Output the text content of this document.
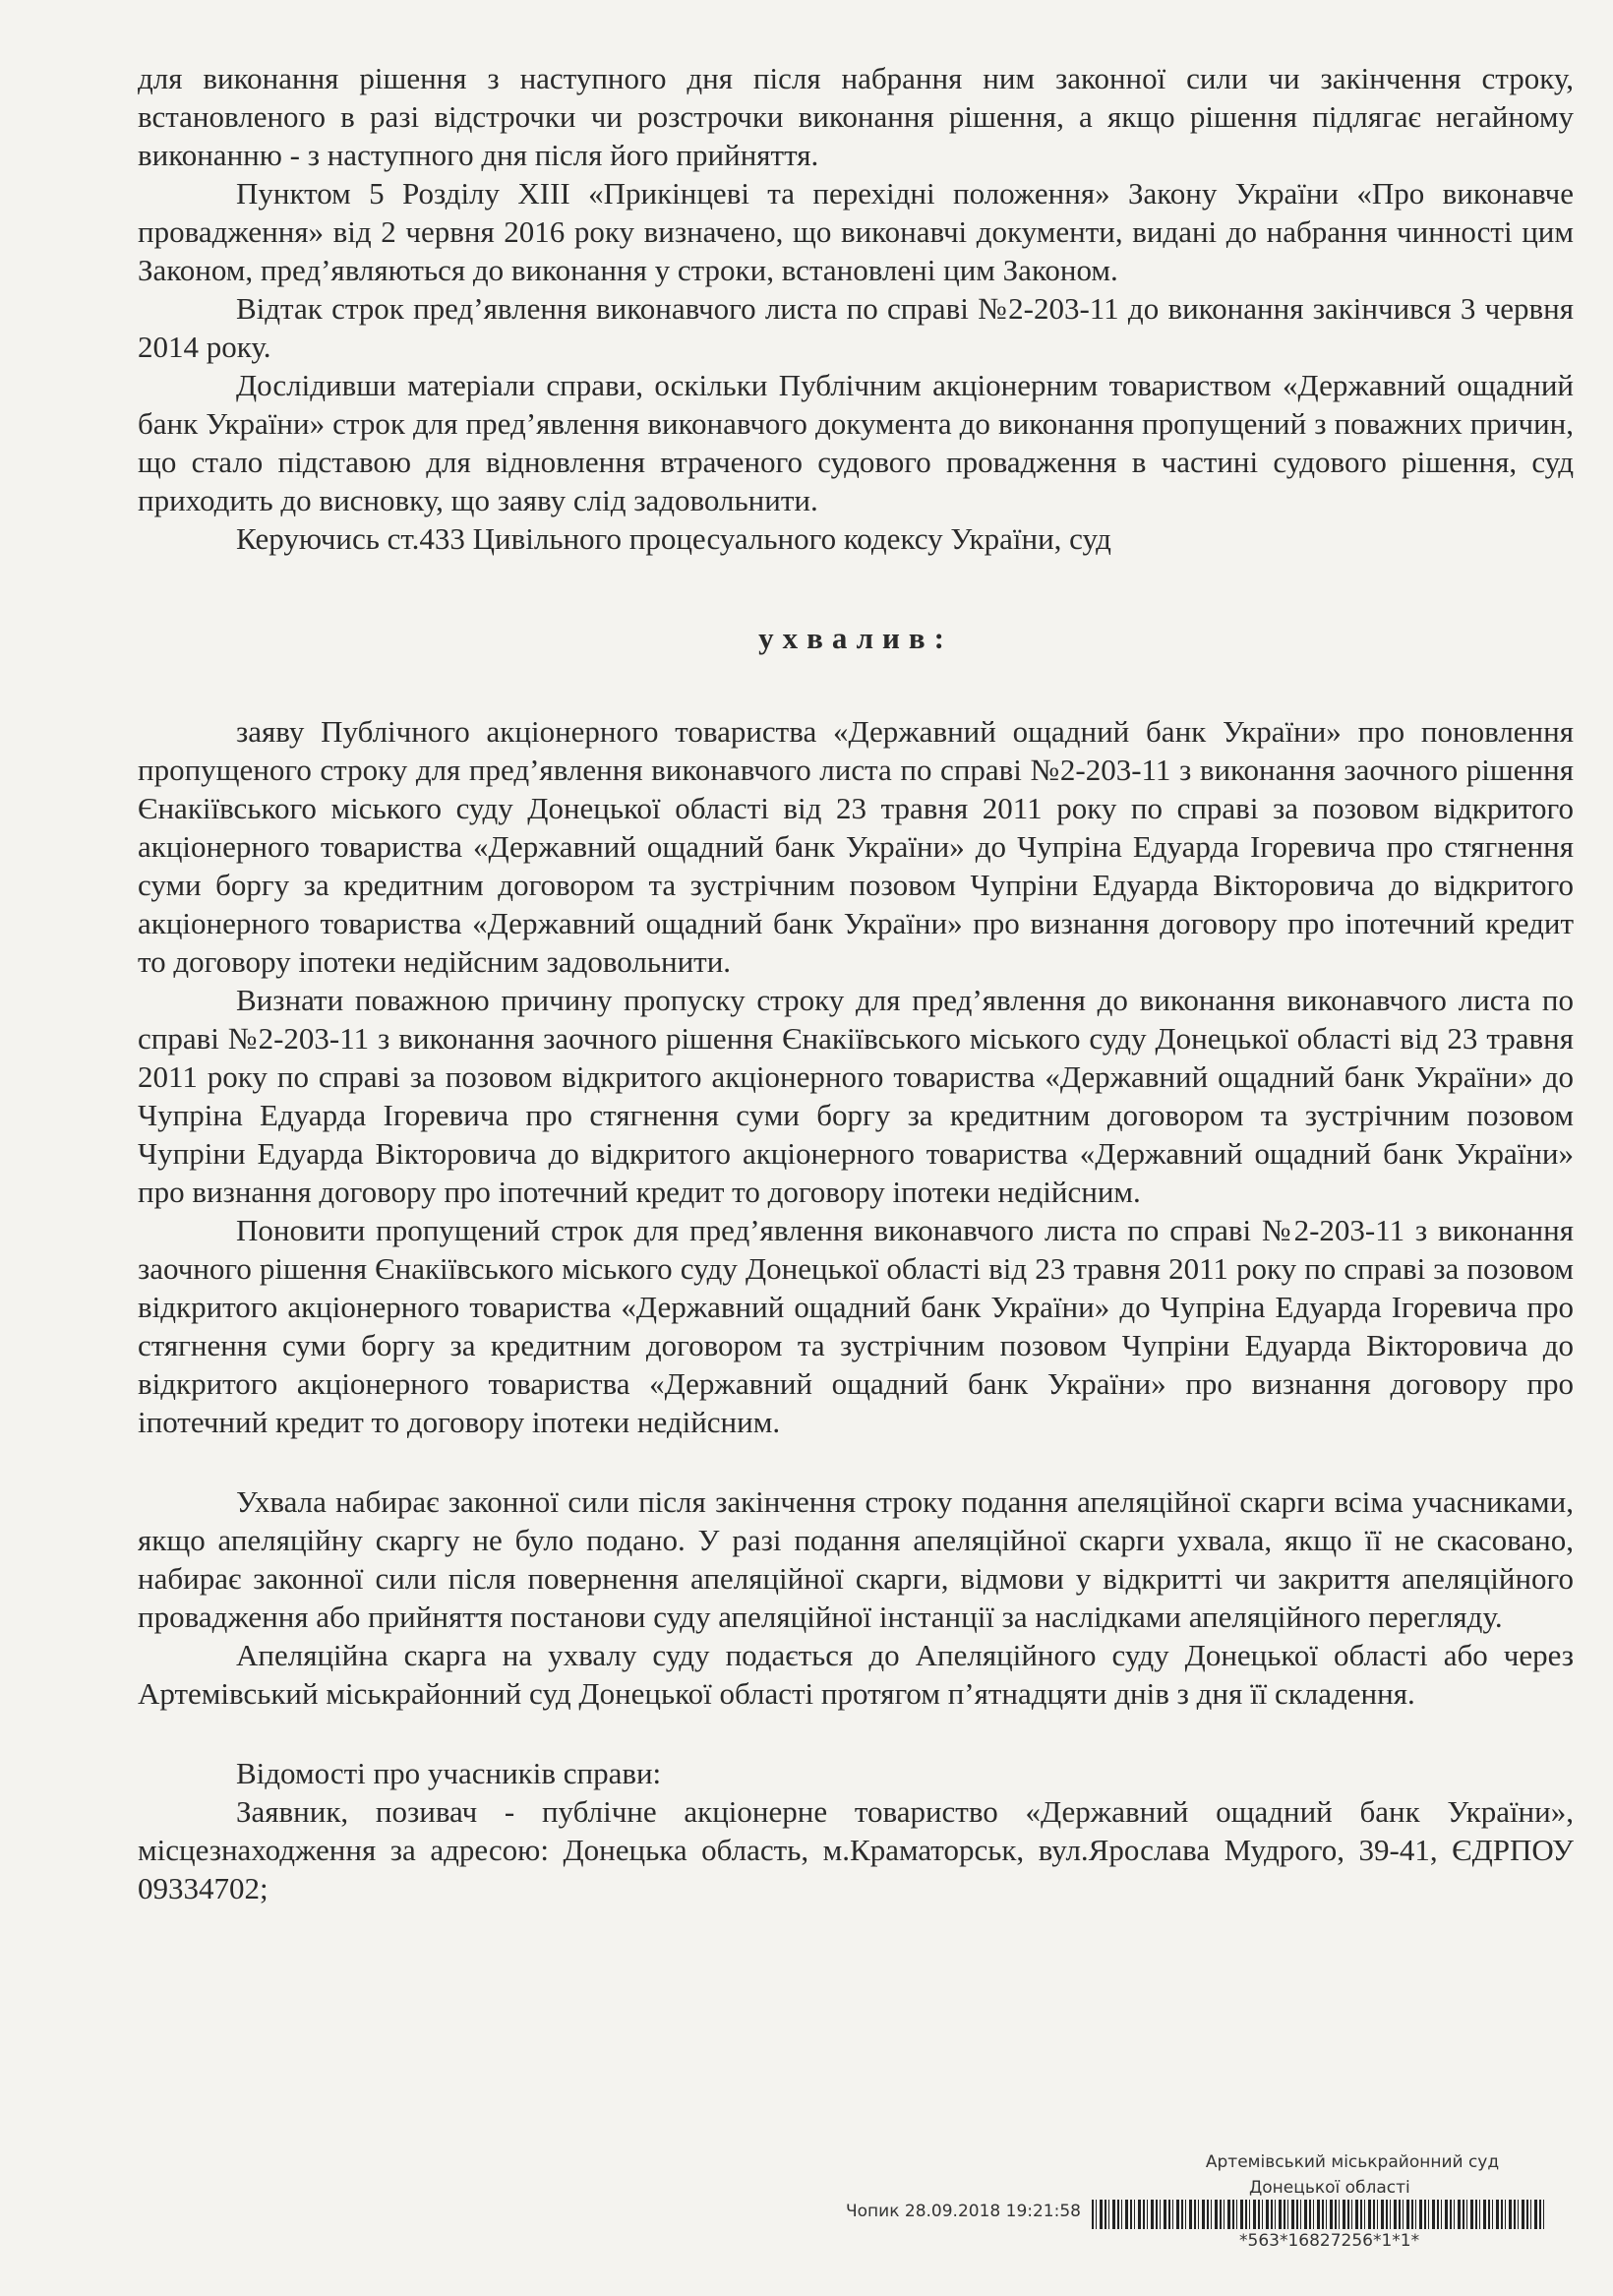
для виконання рішення з наступного дня після набрання ним законної сили чи закінчення строку, встановленого в разі відстрочки чи розстрочки виконання рішення, а якщо рішення підлягає негайному виконанню - з наступного дня після його прийняття.

Пунктом 5 Розділу ХІІІ «Прикінцеві та перехідні положення» Закону України «Про виконавче провадження» від 2 червня 2016 року визначено, що виконавчі документи, видані до набрання чинності цим Законом, пред’являються до виконання у строки, встановлені цим Законом.

Відтак строк пред’явлення виконавчого листа по справі №2-203-11 до виконання закінчився 3 червня 2014 року.

Дослідивши матеріали справи, оскільки Публічним акціонерним товариством «Державний ощадний банк України» строк для пред’явлення виконавчого документа до виконання пропущений з поважних причин, що стало підставою для відновлення втраченого судового провадження в частині судового рішення, суд приходить до висновку, що заяву слід задовольнити.

Керуючись ст.433 Цивільного процесуального кодексу України, суд

ухвалив:

заяву Публічного акціонерного товариства «Державний ощадний банк України» про поновлення пропущеного строку для пред’явлення виконавчого листа по справі №2-203-11 з виконання заочного рішення Єнакіївського міського суду Донецької області від 23 травня 2011 року по справі за позовом відкритого акціонерного товариства «Державний ощадний банк України» до Чупріна Едуарда Ігоревича про стягнення суми боргу за кредитним договором та зустрічним позовом Чупріни Едуарда Вікторовича до відкритого акціонерного товариства «Державний ощадний банк України» про визнання договору про іпотечний кредит то договору іпотеки недійсним задовольнити.

Визнати поважною причину пропуску строку для пред’явлення до виконання виконавчого листа по справі №2-203-11 з виконання заочного рішення Єнакіївського міського суду Донецької області від 23 травня 2011 року по справі за позовом відкритого акціонерного товариства «Державний ощадний банк України» до Чупріна Едуарда Ігоревича про стягнення суми боргу за кредитним договором та зустрічним позовом Чупріни Едуарда Вікторовича до відкритого акціонерного товариства «Державний ощадний банк України» про визнання договору про іпотечний кредит то договору іпотеки недійсним.

Поновити пропущений строк для пред’явлення виконавчого листа по справі №2-203-11 з виконання заочного рішення Єнакіївського міського суду Донецької області від 23 травня 2011 року по справі за позовом відкритого акціонерного товариства «Державний ощадний банк України» до Чупріна Едуарда Ігоревича про стягнення суми боргу за кредитним договором та зустрічним позовом Чупріни Едуарда Вікторовича до відкритого акціонерного товариства «Державний ощадний банк України» про визнання договору про іпотечний кредит то договору іпотеки недійсним.

Ухвала набирає законної сили після закінчення строку подання апеляційної скарги всіма учасниками, якщо апеляційну скаргу не було подано. У разі подання апеляційної скарги ухвала, якщо її не скасовано, набирає законної сили після повернення апеляційної скарги, відмови у відкритті чи закриття апеляційного провадження або прийняття постанови суду апеляційної інстанції за наслідками апеляційного перегляду.

Апеляційна скарга на ухвалу суду подається до Апеляційного суду Донецької області або через Артемівський міськрайонний суд Донецької області протягом п’ятнадцяти днів з дня її складення.

Відомості про учасників справи:

Заявник, позивач - публічне акціонерне товариство «Державний ощадний банк України», місцезнаходження за адресою: Донецька область, м.Краматорськ, вул.Ярослава Мудрого, 39-41, ЄДРПОУ 09334702;

Артемівський міськрайонний суд
Донецької області
Чопик 28.09.2018 19:21:58
*563*16827256*1*1*
